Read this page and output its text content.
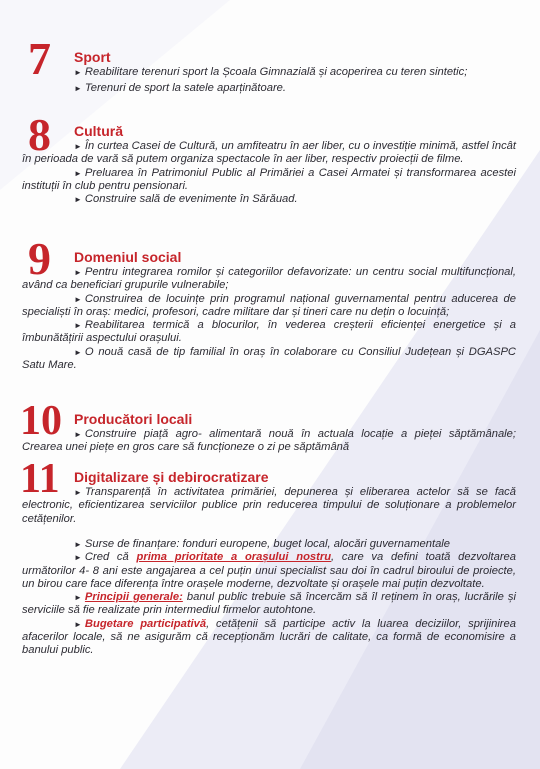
7	Sport

► Reabilitare terenuri sport la Școala Gimnazială și acoperirea cu teren sintetic;

► Terenuri de sport la satele aparținătoare.

8	Cultură

► În curtea Casei de Cultură, un amfiteatru în aer liber, cu o investiție minimă, astfel încât în perioada de vară să putem organiza spectacole în aer liber, respectiv proiecții de filme.

► Preluarea în Patrimoniul Public al Primăriei a Casei Armatei și transformarea acestei instituții în club pentru pensionari.

► Construire sală de evenimente în Sărăuad.

9	Domeniul social

► Pentru integrarea romilor și categoriilor defavorizate: un centru social multifuncțional, având ca beneficiari grupurile vulnerabile;

► Construirea de locuințe prin programul național guvernamental pentru aducerea de specialiști în oraș: medici, profesori, cadre militare dar și tineri care nu dețin o locuință;

► Reabilitarea termică a blocurilor, în vederea creșterii eficienței energetice și a îmbunătățirii aspectului orașului.

► O nouă casă de tip familial în oraș în colaborare cu Consiliul Județean și DGASPC Satu Mare.

10 Producători locali

► Construire piață agro- alimentară nouă în actuala locație a pieței săptămânale; Crearea unei piețe en gros care să funcționeze o zi pe săptămână

11	Digitalizare și debirocratizare

► Transparență în activitatea primăriei, depunerea și eliberarea actelor să se facă electronic, eficientizarea serviciilor publice prin reducerea timpului de soluționare a problemelor cetățenilor.

► Surse de finanțare: fonduri europene, buget local, alocări guvernamentale

► Cred că prima prioritate a orașului nostru, care va defini toată dezvoltarea următorilor 4- 8 ani este angajarea a cel puțin unui specialist sau doi în cadrul biroului de proiecte, un birou care face diferența între orașele moderne, dezvoltate și orașele mai puțin dezvoltate.

► Principii generale: banul public trebuie să încercăm să îl reținem în oraș, lucrările și serviciile să fie realizate prin intermediul firmelor autohtone.

► Bugetare participativă, cetățenii să participe activ la luarea deciziilor, sprijinirea afacerilor locale, să ne asigurăm că recepționăm lucrări de calitate, ca formă de economisire a banului public.
